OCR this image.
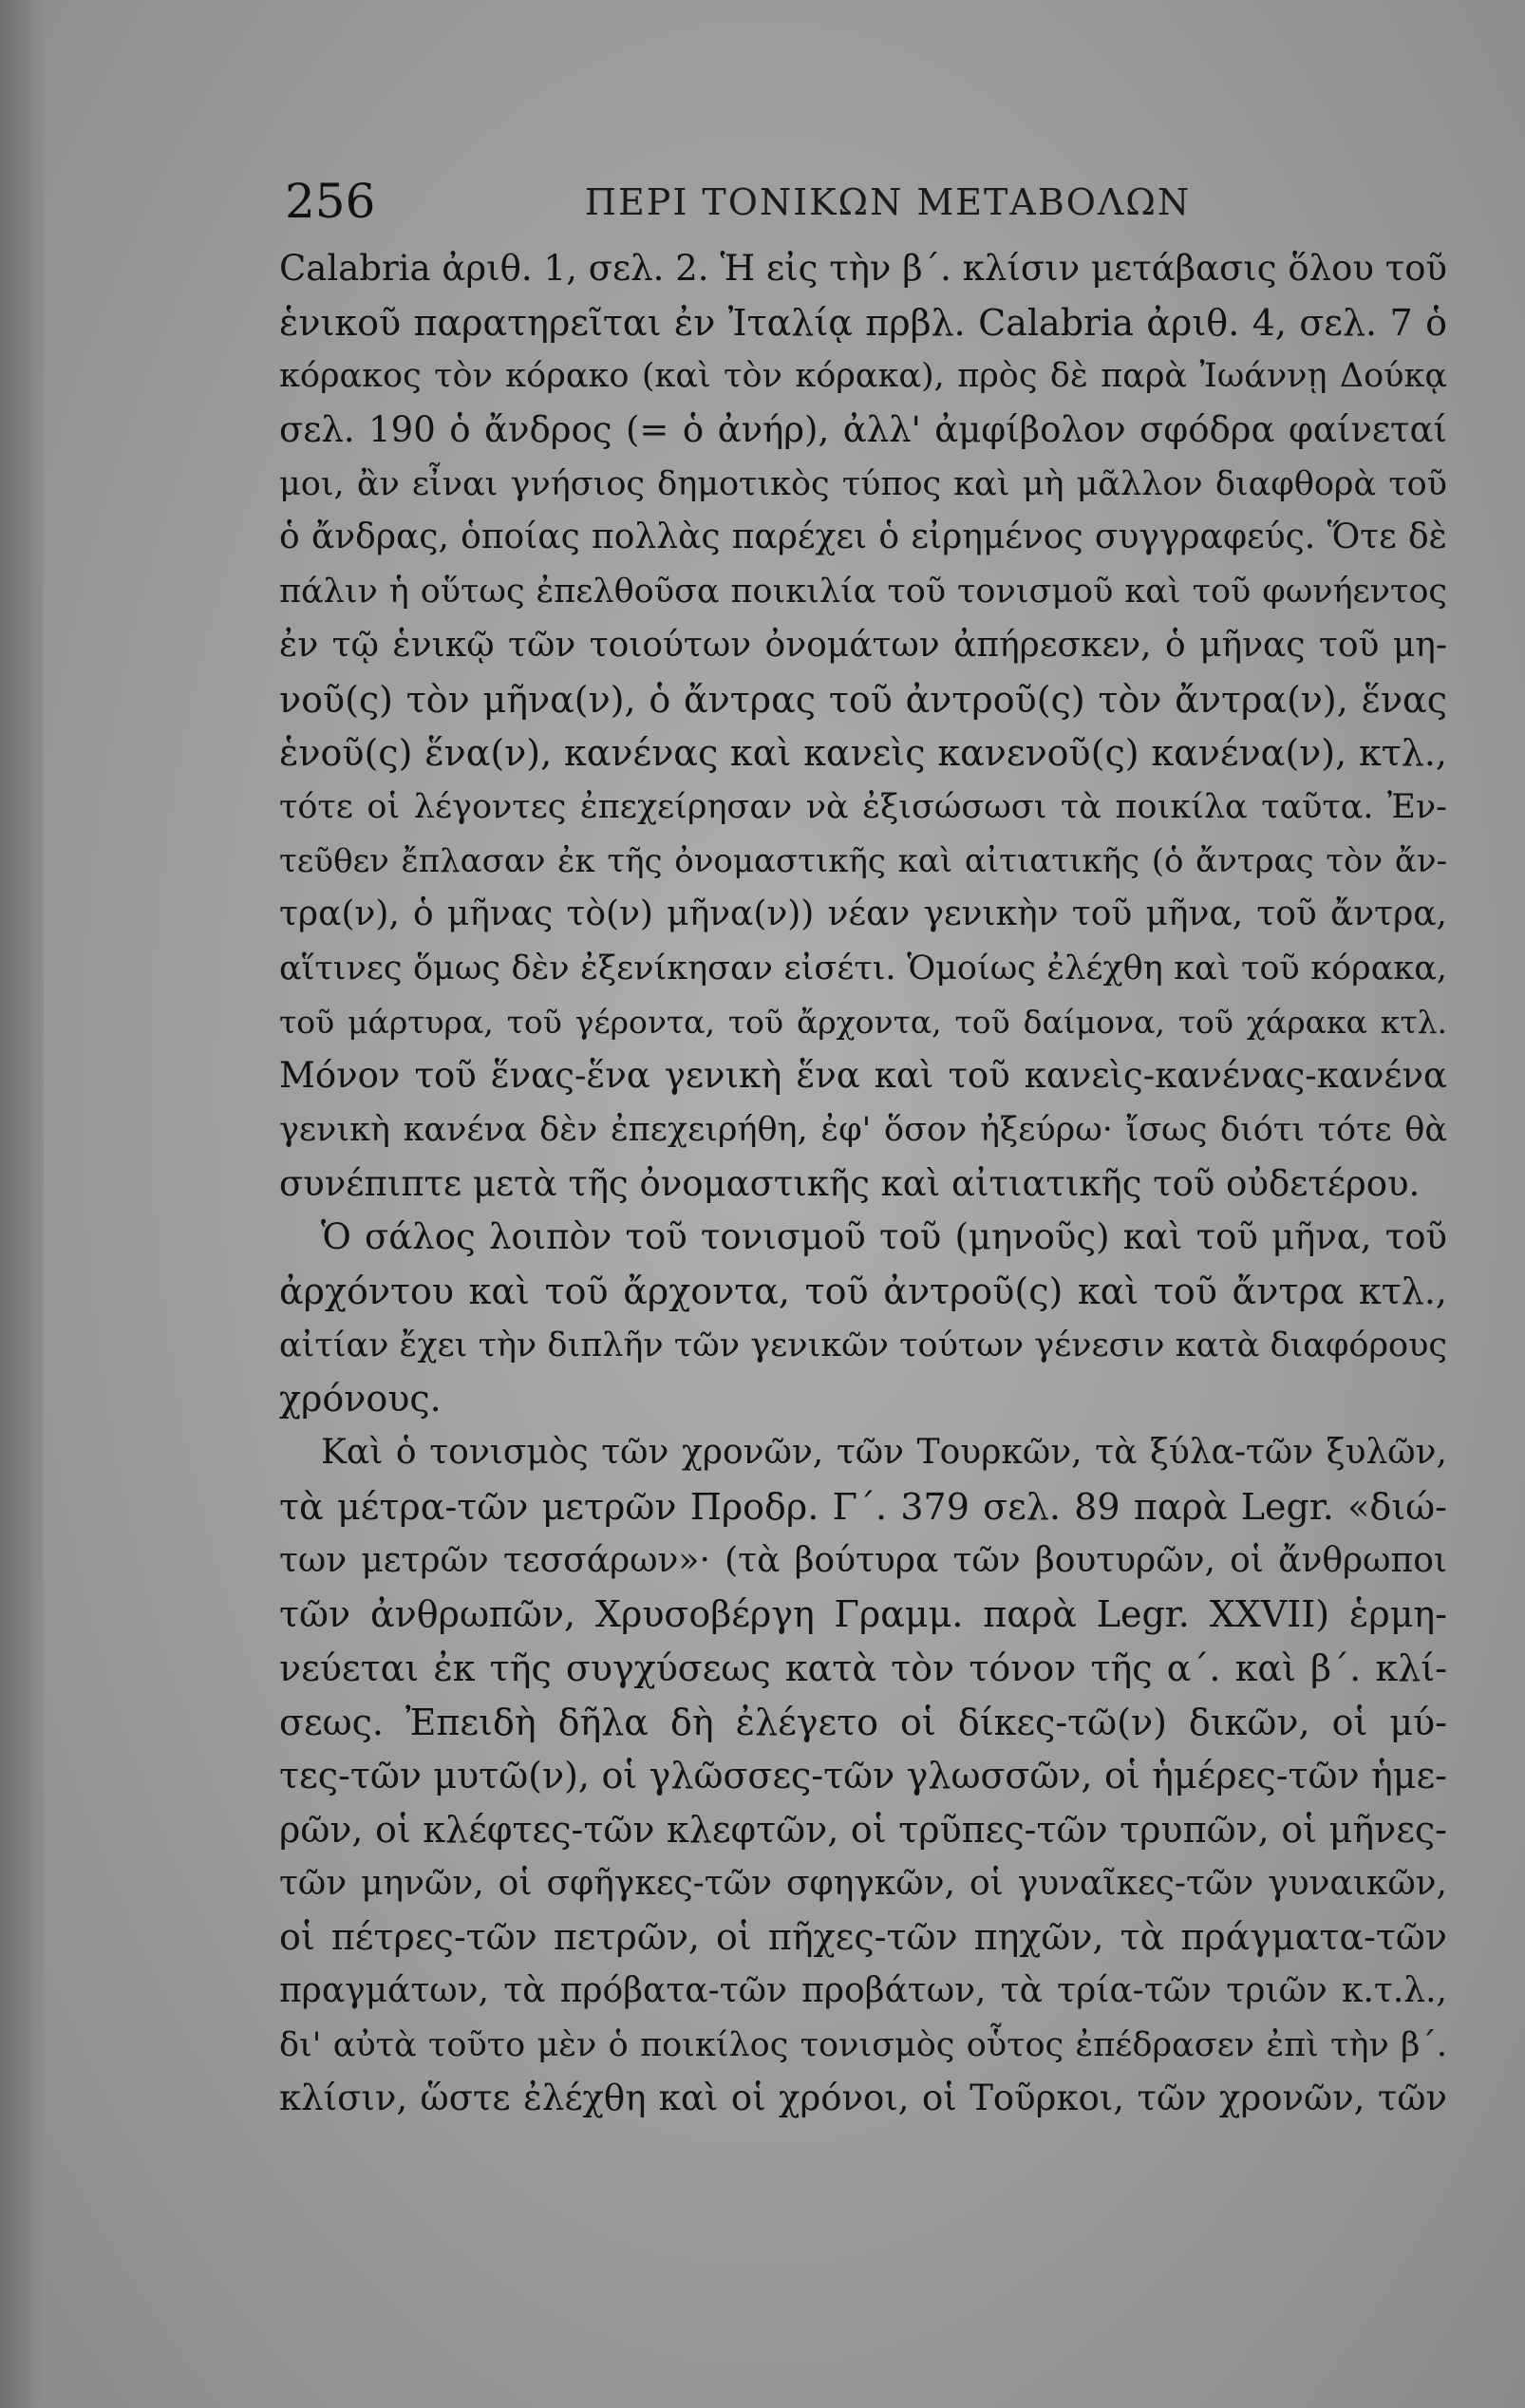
256	ΠΕΡΙ ΤΟΝΙΚΩΝ ΜΕΤΑΒΟΛΩΝ
Calabria ἀριθ. 1, σελ. 2. Ἡ εἰς τὴν β΄. κλίσιν μετάβασις ὅλου τοῦ
ἑνικοῦ παρατηρεῖται ἐν Ἰταλίᾳ πρβλ. Calabria ἀριθ. 4, σελ. 7 ὁ
κόρακος τὸν κόρακο (καὶ τὸν κόρακα), πρὸς δὲ παρὰ Ἰωάννῃ Δούκᾳ
σελ. 190 ὁ ἄνδρος (= ὁ ἀνήρ), ἀλλ' ἀμφίβολον σφόδρα φαίνεταί
μοι, ἂν εἶναι γνήσιος δημοτικὸς τύπος καὶ μὴ μᾶλλον διαφθορὰ τοῦ
ὁ ἄνδρας, ὁποίας πολλὰς παρέχει ὁ εἰρημένος συγγραφεύς. Ὅτε δὲ
πάλιν ἡ οὕτως ἐπελθοῦσα ποικιλία τοῦ τονισμοῦ καὶ τοῦ φωνήεντος
ἐν τῷ ἑνικῷ τῶν τοιούτων ὀνομάτων ἀπήρεσκεν, ὁ μῆνας τοῦ μη-
νοῦ(ς) τὸν μῆνα(ν), ὁ ἄντρας τοῦ ἀντροῦ(ς) τὸν ἄντρα(ν), ἕνας
ἑνοῦ(ς) ἕνα(ν), κανένας καὶ κανεὶς κανενοῦ(ς) κανένα(ν), κτλ.,
τότε οἱ λέγοντες ἐπεχείρησαν νὰ ἐξισώσωσι τὰ ποικίλα ταῦτα. Ἐν-
τεῦθεν ἔπλασαν ἐκ τῆς ὀνομαστικῆς καὶ αἰτιατικῆς (ὁ ἄντρας τὸν ἄν-
τρα(ν), ὁ μῆνας τὸ(ν) μῆνα(ν)) νέαν γενικὴν τοῦ μῆνα, τοῦ ἄντρα,
αἵτινες ὅμως δὲν ἐξενίκησαν εἰσέτι. Ὁμοίως ἐλέχθη καὶ τοῦ κόρακα,
τοῦ μάρτυρα, τοῦ γέροντα, τοῦ ἄρχοντα, τοῦ δαίμονα, τοῦ χάρακα κτλ.
Μόνον τοῦ ἕνας-ἕνα γενικὴ ἕνα καὶ τοῦ κανεὶς-κανένας-κανένα
γενικὴ κανένα δὲν ἐπεχειρήθη, ἐφ' ὅσον ἠξεύρω· ἴσως διότι τότε θὰ
συνέπιπτε μετὰ τῆς ὀνομαστικῆς καὶ αἰτιατικῆς τοῦ οὐδετέρου.
Ὁ σάλος λοιπὸν τοῦ τονισμοῦ τοῦ (μηνοῦς) καὶ τοῦ μῆνα, τοῦ
ἀρχόντου καὶ τοῦ ἄρχοντα, τοῦ ἀντροῦ(ς) καὶ τοῦ ἄντρα κτλ.,
αἰτίαν ἔχει τὴν διπλῆν τῶν γενικῶν τούτων γένεσιν κατὰ διαφόρους
χρόνους.
Καὶ ὁ τονισμὸς τῶν χρονῶν, τῶν Τουρκῶν, τὰ ξύλα-τῶν ξυλῶν,
τὰ μέτρα-τῶν μετρῶν Προδρ. Γ΄. 379 σελ. 89 παρὰ Legr. «διώ-
των μετρῶν τεσσάρων»· (τὰ βούτυρα τῶν βουτυρῶν, οἱ ἄνθρωποι
τῶν ἀνθρωπῶν, Χρυσοβέργη Γραμμ. παρὰ Legr. XXVII) ἑρμη-
νεύεται ἐκ τῆς συγχύσεως κατὰ τὸν τόνον τῆς α΄. καὶ β΄. κλί-
σεως. Ἐπειδὴ δῆλα δὴ ἐλέγετο οἱ δίκες-τῶ(ν) δικῶν, οἱ μύ-
τες-τῶν μυτῶ(ν), οἱ γλῶσσες-τῶν γλωσσῶν, οἱ ἡμέρες-τῶν ἡμε-
ρῶν, οἱ κλέφτες-τῶν κλεφτῶν, οἱ τρῦπες-τῶν τρυπῶν, οἱ μῆνες-
τῶν μηνῶν, οἱ σφῆγκες-τῶν σφηγκῶν, οἱ γυναῖκες-τῶν γυναικῶν,
οἱ πέτρες-τῶν πετρῶν, οἱ πῆχες-τῶν πηχῶν, τὰ πράγματα-τῶν
πραγμάτων, τὰ πρόβατα-τῶν προβάτων, τὰ τρία-τῶν τριῶν κ.τ.λ.,
δι' αὐτὰ τοῦτο μὲν ὁ ποικίλος τονισμὸς οὗτος ἐπέδρασεν ἐπὶ τὴν β΄.
κλίσιν, ὥστε ἐλέχθη καὶ οἱ χρόνοι, οἱ Τοῦρκοι, τῶν χρονῶν, τῶν
